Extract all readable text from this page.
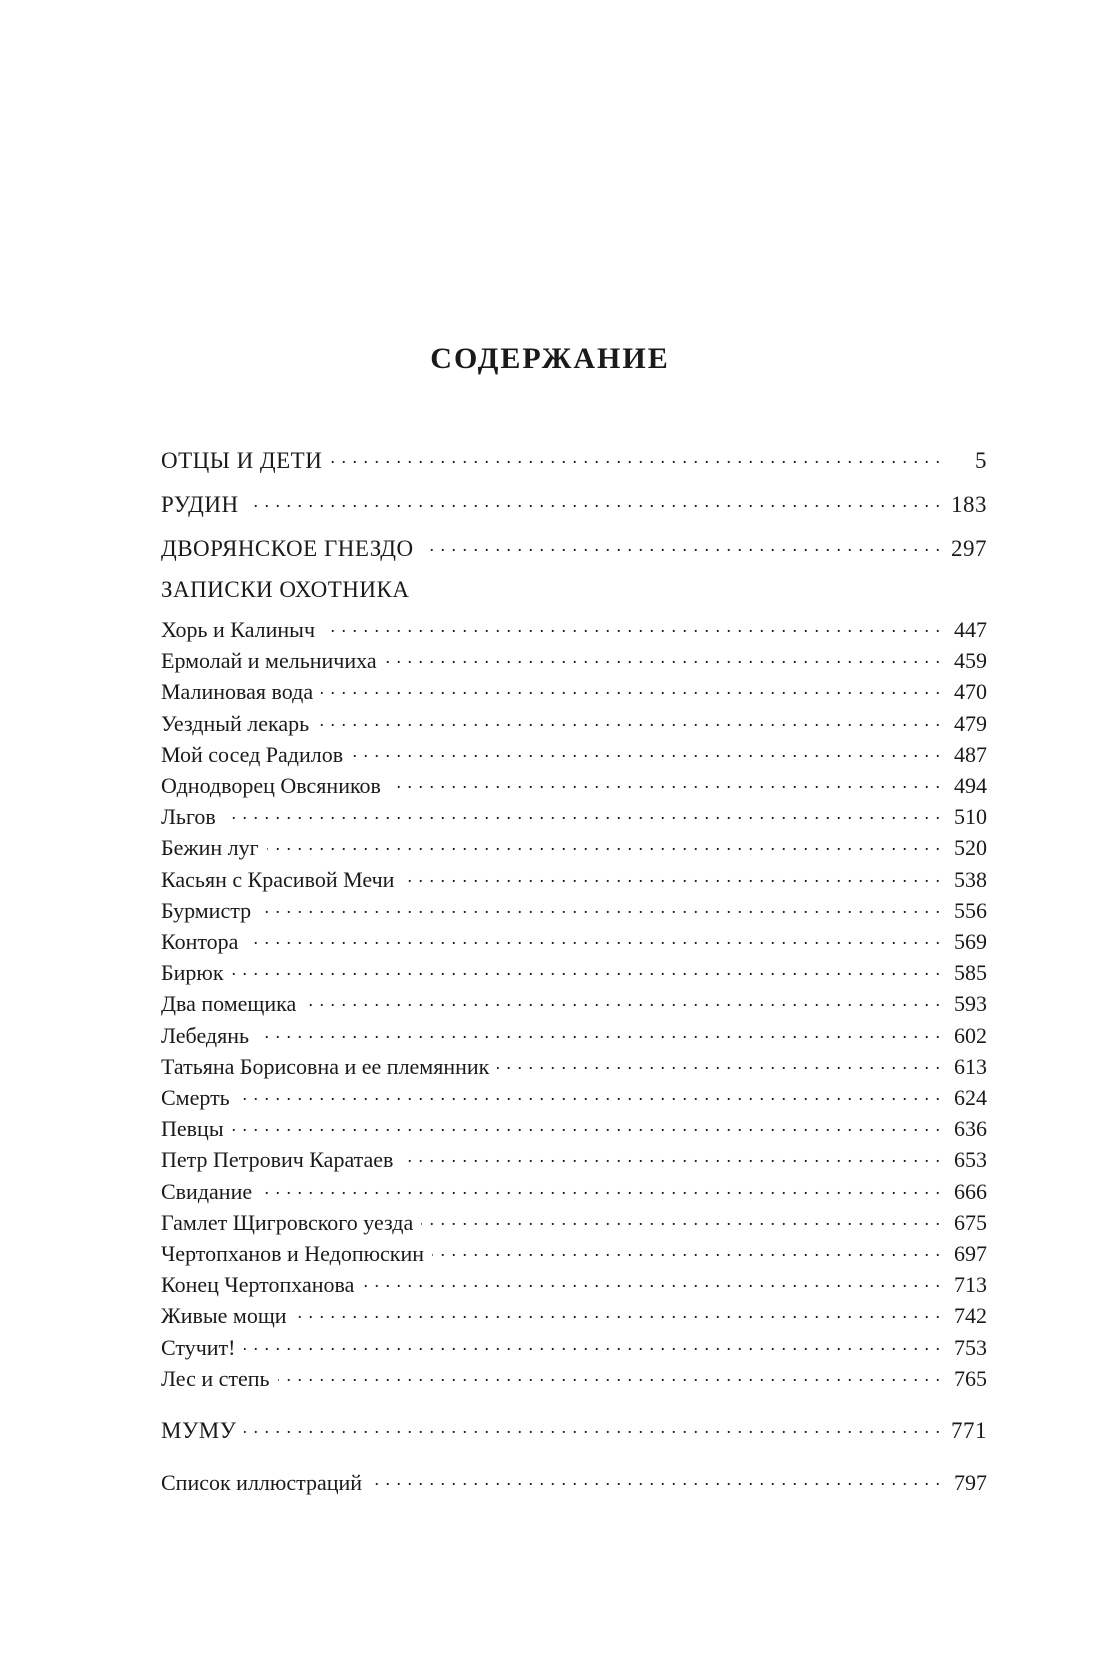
СОДЕРЖАНИЕ
ОТЦЫ И ДЕТИ . . .	5
РУДИН . . .	183
ДВОРЯНСКОЕ ГНЕЗДО . . .	297
ЗАПИСКИ ОХОТНИКА
Хорь и Калиныч . . .	447
Ермолай и мельничиха . . .	459
Малиновая вода . . .	470
Уездный лекарь . . .	479
Мой сосед Радилов . . .	487
Однодворец Овсяников . . .	494
Льгов . . .	510
Бежин луг . . .	520
Касьян с Красивой Мечи . . .	538
Бурмистр . . .	556
Контора . . .	569
Бирюк . . .	585
Два помещика . . .	593
Лебедянь . . .	602
Татьяна Борисовна и ее племянник . . .	613
Смерть . . .	624
Певцы . . .	636
Петр Петрович Каратаев . . .	653
Свидание . . .	666
Гамлет Щигровского уезда . . .	675
Чертопханов и Недопюскин . . .	697
Конец Чертопханова . . .	713
Живые мощи . . .	742
Стучит! . . .	753
Лес и степь . . .	765
МУМУ . . .	771
Список иллюстраций . . .	797
